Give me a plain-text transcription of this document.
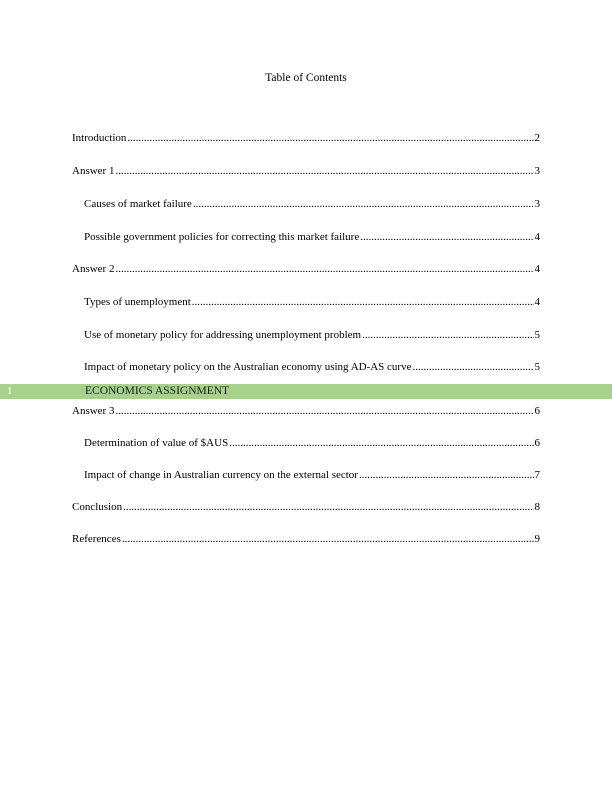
Table of Contents
1	ECONOMICS ASSIGNMENT
Introduction .....	2
Answer 1 .....	3
Causes of market failure .....	3
Possible government policies for correcting this market failure .....	4
Answer 2 .....	4
Types of unemployment .....	4
Use of monetary policy for addressing unemployment problem .....	5
Impact of monetary policy on the Australian economy using AD-AS curve .....	5
Answer 3 .....	6
Determination of value of $AUS .....	6
Impact of change in Australian currency on the external sector .....	7
Conclusion .....	8
References .....	9
